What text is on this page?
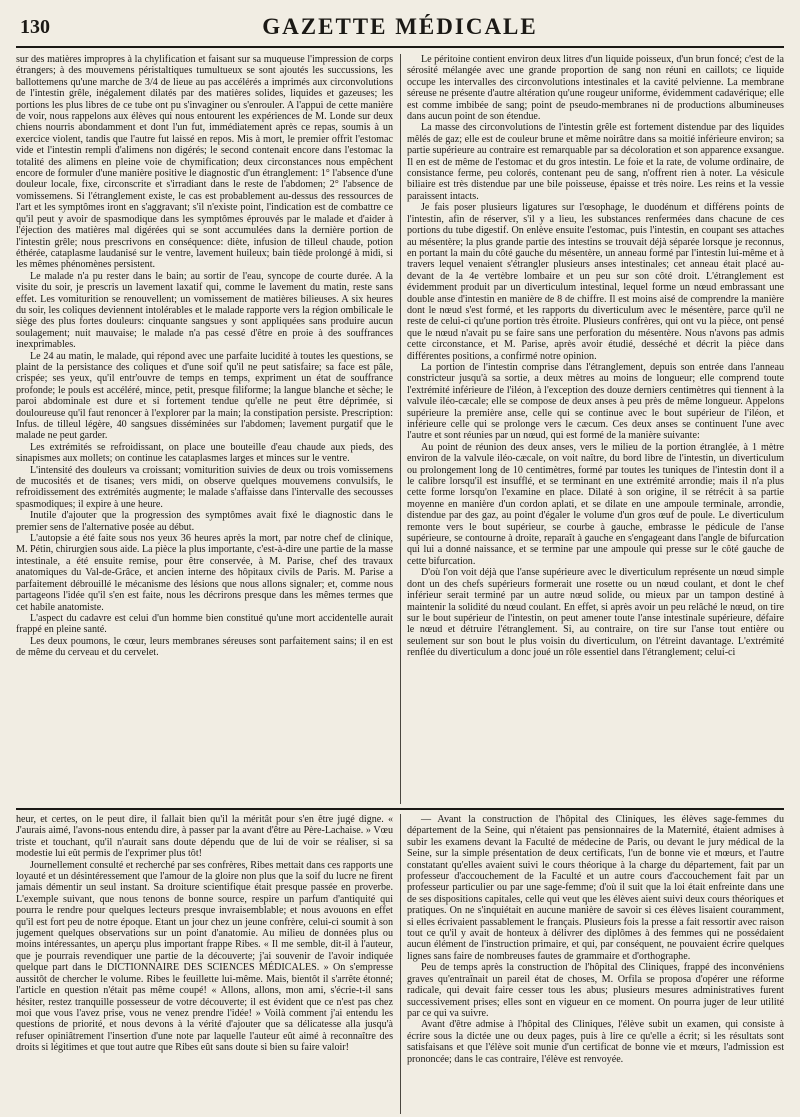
130	GAZETTE MÉDICALE

sur des matières impropres à la chylification et faisant sur sa muqueuse l'impression de corps étrangers; à des mouvemens péristaltiques tumultueux se sont ajoutés les succussions, les ballottemens qu'une marche de 3/4 de lieue au pas accélérés a imprimés aux circonvolutions de l'intestin grêle, inégalement dilatés par des matières solides, liquides et gazeuses; les portions les plus libres de ce tube ont pu s'invaginer ou s'enrouler. A l'appui de cette manière de voir, nous rappelons aux élèves qui nous entourent les expériences de M. Londe sur deux chiens nourris abondamment et dont l'un fut, immédiatement après ce repas, soumis à un exercice violent, tandis que l'autre fut laissé en repos. Mis à mort, le premier offrit l'estomac vide et l'intestin rempli d'alimens non digérés; le second contenait encore dans l'estomac la totalité des alimens en pleine voie de chymification; deux circonstances nous empêchent encore de formuler d'une manière positive le diagnostic d'un étranglement: 1° l'absence d'une douleur locale, fixe, circonscrite et s'irradiant dans le reste de l'abdomen; 2° l'absence de vomissemens. Si l'étranglement existe, le cas est probablement au-dessus des ressources de l'art et les symptômes iront en s'aggravant; s'il n'existe point, l'indication est de combattre ce qu'il peut y avoir de spasmodique dans les symptômes éprouvés par le malade et d'aider à l'éjection des matières mal digérées qui se sont accumulées dans la dernière portion de l'intestin grêle; nous prescrivons en conséquence: diète, infusion de tilleul chaude, potion éthérée, cataplasme laudanisé sur le ventre, lavement huileux; bain tiède prolongé à midi, si les mêmes phénomènes persistent.

Le malade n'a pu rester dans le bain; au sortir de l'eau, syncope de courte durée. A la visite du soir, je prescris un lavement laxatif qui, comme le lavement du matin, reste sans effet. Les vomiturition se renouvellent; un vomissement de matières bilieuses. A six heures du soir, les coliques deviennent intolérables et le malade rapporte vers la région ombilicale le siège des plus fortes douleurs: cinquante sangsues y sont appliquées sans produire aucun soulagement; nuit mauvaise; le malade n'a pas cessé d'être en proie à des souffrances inexprimables.

Le 24 au matin, le malade, qui répond avec une parfaite lucidité à toutes les questions, se plaint de la persistance des coliques et d'une soif qu'il ne peut satisfaire; sa face est pâle, crispée; ses yeux, qu'il entr'ouvre de temps en temps, expriment un état de souffrance profonde; le pouls est accéléré, mince, petit, presque filiforme; la langue blanche et sèche; le paroi abdominale est dure et si fortement tendue qu'elle ne peut être déprimée, si douloureuse qu'il faut renoncer à l'explorer par la main; la constipation persiste. Prescription: Infus. de tilleul légère, 40 sangsues disséminées sur l'abdomen; lavement purgatif que le malade ne peut garder.

Les extrémités se refroidissant, on place une bouteille d'eau chaude aux pieds, des sinapismes aux mollets; on continue les cataplasmes larges et minces sur le ventre.

L'intensité des douleurs va croissant; vomiturition suivies de deux ou trois vomissemens de mucosités et de tisanes; vers midi, on observe quelques mouvemens convulsifs, le refroidissement des extrémités augmente; le malade s'affaisse dans l'intervalle des secousses spasmodiques; il expire à une heure.

Inutile d'ajouter que la progression des symptômes avait fixé le diagnostic dans le premier sens de l'alternative posée au début.

L'autopsie a été faite sous nos yeux 36 heures après la mort, par notre chef de clinique, M. Pétin, chirurgien sous aide. La pièce la plus importante, c'est-à-dire une partie de la masse intestinale, a été ensuite remise, pour être conservée, à M. Parise, chef des travaux anatomiques du Val-de-Grâce, et ancien interne des hôpitaux civils de Paris. M. Parise a parfaitement débrouillé le mécanisme des lésions que nous allons signaler; et, comme nous partageons l'idée qu'il s'en est faite, nous les décrirons presque dans les mêmes termes que cet habile anatomiste.

L'aspect du cadavre est celui d'un homme bien constitué qu'une mort accidentelle aurait frappé en pleine santé.

Les deux poumons, le cœur, leurs membranes séreuses sont parfaitement sains; il en est de même du cerveau et du cervelet.

Le péritoine contient environ deux litres d'un liquide poisseux, d'un brun foncé; c'est de la sérosité mélangée avec une grande proportion de sang non réuni en caillots; ce liquide occupe les intervalles des circonvolutions intestinales et la cavité pelvienne. La membrane séreuse ne présente d'autre altération qu'une rougeur uniforme, évidemment cadavérique; elle est comme imbibée de sang; point de pseudo-membranes ni de productions albumineuses dans aucun point de son étendue.

La masse des circonvolutions de l'intestin grêle est fortement distendue par des liquides mêlés de gaz; elle est de couleur brune et même noirâtre dans sa moitié inférieure environ; sa partie supérieure au contraire est remarquable par sa décoloration et son apparence exsangue. Il en est de même de l'estomac et du gros intestin. Le foie et la rate, de volume ordinaire, de consistance ferme, peu colorés, contenant peu de sang, n'offrent rien à noter. La vésicule biliaire est très distendue par une bile poisseuse, épaisse et très noire. Les reins et la vessie paraissent intacts.

Je fais poser plusieurs ligatures sur l'œsophage, le duodénum et différens points de l'intestin, afin de réserver, s'il y a lieu, les substances renfermées dans chacune de ces portions du tube digestif. On enlève ensuite l'estomac, puis l'intestin, en coupant ses attaches au mésentère; la plus grande partie des intestins se trouvait déjà séparée lorsque je reconnus, en portant la main du côté gauche du mésentère, un anneau formé par l'intestin lui-même et à travers lequel venaient s'étrangler plusieurs anses intestinales; cet anneau était placé au-devant de la 4e vertèbre lombaire et un peu sur son côté droit. L'étranglement est évidemment produit par un diverticulum intestinal, lequel forme un nœud embrassant une double anse d'intestin en manière de 8 de chiffre. Il est moins aisé de comprendre la manière dont le nœud s'est formé, et les rapports du diverticulum avec le mésentère, parce qu'il ne reste de celui-ci qu'une portion très étroite. Plusieurs confrères, qui ont vu la pièce, ont pensé que le nœud n'avait pu se faire sans une perforation du mésentère. Nous n'avons pas admis cette circonstance, et M. Parise, après avoir étudié, desséché et décrit la pièce dans différentes positions, a confirmé notre opinion.

La portion de l'intestin comprise dans l'étranglement, depuis son entrée dans l'anneau constricteur jusqu'à sa sortie, a deux mètres au moins de longueur; elle comprend toute l'extrémité inférieure de l'iléon, à l'exception des douze derniers centimètres qui tiennent à la valvule iléo-cæcale; elle se compose de deux anses à peu près de même longueur. Appelons supérieure la première anse, celle qui se continue avec le bout supérieur de l'iléon, et inférieure celle qui se prolonge vers le cæcum. Ces deux anses se continuent l'une avec l'autre et sont réunies par un nœud, qui est formé de la manière suivante:

Au point de réunion des deux anses, vers le milieu de la portion étranglée, à 1 mètre environ de la valvule iléo-cæcale, on voit naître, du bord libre de l'intestin, un diverticulum ou prolongement long de 10 centimètres, formé par toutes les tuniques de l'intestin dont il a le calibre lorsqu'il est insufflé, et se terminant en une extrémité arrondie; mais il n'a plus cette forme lorsqu'on l'examine en place. Dilaté à son origine, il se rétrécit à sa partie moyenne en manière d'un cordon aplati, et se dilate en une ampoule terminale, arrondie, distendue par des gaz, au point d'égaler le volume d'un gros œuf de poule. Le diverticulum remonte vers le bout supérieur, se courbe à gauche, embrasse le pédicule de l'anse supérieure, se contourne à droite, reparaît à gauche en s'engageant dans l'angle de bifurcation qui lui a donné naissance, et se termine par une ampoule qui presse sur le côté gauche de cette bifurcation.

D'où l'on voit déjà que l'anse supérieure avec le diverticulum représente un nœud simple dont un des chefs supérieurs formerait une rosette ou un nœud coulant, et dont le chef inférieur serait terminé par un autre nœud solide, ou mieux par un tampon destiné à maintenir la solidité du nœud coulant. En effet, si après avoir un peu relâché le nœud, on tire sur le bout supérieur de l'intestin, on peut amener toute l'anse intestinale supérieure, défaire le nœud et détruire l'étranglement. Si, au contraire, on tire sur l'anse tout entière ou seulement sur son bout le plus voisin du diverticulum, on l'étreint davantage. L'extrémité renflée du diverticulum a donc joué un rôle essentiel dans l'étranglement; celui-ci

heur, et certes, on le peut dire, il fallait bien qu'il la méritât pour s'en être jugé digne. « J'aurais aimé, l'avons-nous entendu dire, à passer par la avant d'être au Père-Lachaise. » Vœu triste et touchant, qu'il n'aurait sans doute dépendu que de lui de voir se réaliser, si sa modestie lui eût permis de l'exprimer plus tôt!

Journellement consulté et recherché par ses confrères, Ribes mettait dans ces rapports une loyauté et un désintéressement que l'amour de la gloire non plus que la soif du lucre ne firent jamais démentir un seul instant. Sa droiture scientifique était presque passée en proverbe. L'exemple suivant, que nous tenons de bonne source, respire un parfum d'antiquité qui pourra le rendre pour quelques lecteurs presque invraisemblable; et nous avouons en effet qu'il est fort peu de notre époque. Etant un jour chez un jeune confrère, celui-ci soumit à son jugement quelques observations sur un point d'anatomie. Au milieu de données plus ou moins intéressantes, un aperçu plus important frappe Ribes. « Il me semble, dit-il à l'auteur, que je pourrais revendiquer une partie de la découverte; j'ai souvenir de l'avoir indiquée quelque part dans le DICTIONNAIRE DES SCIENCES MÉDICALES. » On s'empresse aussitôt de chercher le volume. Ribes le feuillette lui-même. Mais, bientôt il s'arrête étonné; l'article en question n'était pas même coupé! « Allons, allons, mon ami, s'écrie-t-il sans hésiter, restez tranquille possesseur de votre découverte; il est évident que ce n'est pas chez moi que vous l'avez prise, vous ne venez prendre l'idée! » Voilà comment j'ai entendu les questions de priorité, et nous devons à la vérité d'ajouter que sa délicatesse alla jusqu'à refuser opiniâtrement l'insertion d'une note par laquelle l'auteur eût aimé à reconnaître des droits si légitimes et que tout autre que Ribes eût sans doute si bien su faire valoir!

— Avant la construction de l'hôpital des Cliniques, les élèves sage-femmes du département de la Seine, qui n'étaient pas pensionnaires de la Maternité, étaient admises à subir les examens devant la Faculté de médecine de Paris, ou devant le jury médical de la Seine, sur la simple présentation de deux certificats, l'un de bonne vie et mœurs, et l'autre constatant qu'elles avaient suivi le cours théorique à la charge du département, fait par un professeur d'accouchement de la Faculté et un autre cours d'accouchement fait par un professeur particulier ou par une sage-femme; d'où il suit que la loi était enfreinte dans une de ses dispositions capitales, celle qui veut que les élèves aient suivi deux cours théoriques et pratiques. On ne s'inquiétait en aucune manière de savoir si ces élèves lisaient couramment, si elles écrivaient passablement le français. Plusieurs fois la presse a fait ressortir avec raison tout ce qu'il y avait de honteux à délivrer des diplômes à des femmes qui ne possédaient aucun élément de l'instruction primaire, et qui, par conséquent, ne pouvaient écrire quelques lignes sans faire de nombreuses fautes de grammaire et d'orthographe.

Peu de temps après la construction de l'hôpital des Cliniques, frappé des inconvéniens graves qu'entraînait un pareil état de choses, M. Orfila se proposa d'opérer une réforme radicale, qui devait faire cesser tous les abus; plusieurs mesures administratives furent successivement prises; elles sont en vigueur en ce moment. On pourra juger de leur utilité par ce qui va suivre.

Avant d'être admise à l'hôpital des Cliniques, l'élève subit un examen, qui consiste à écrire sous la dictée une ou deux pages, puis à lire ce qu'elle a écrit; si les résultats sont satisfaisans et que l'élève soit munie d'un certificat de bonne vie et mœurs, l'admission est prononcée; dans le cas contraire, l'élève est renvoyée.
